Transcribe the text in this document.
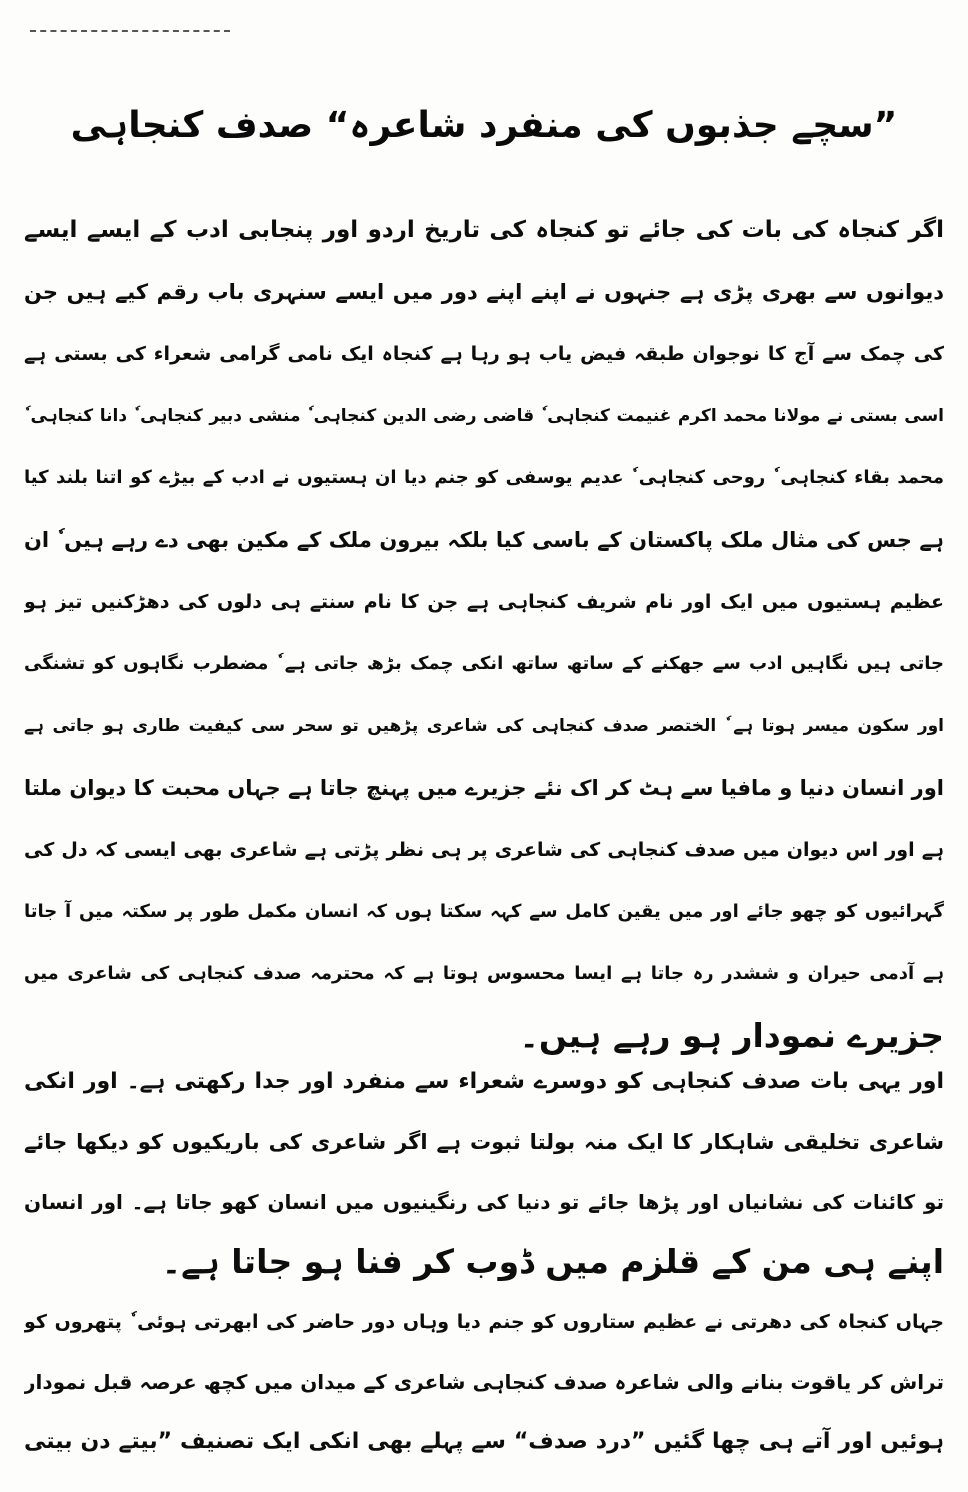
”سچے جذبوں کی منفرد شاعرہ“ صدف کنجاہی
اگر کنجاہ کی بات کی جائے تو کنجاہ کی تاریخ اردو اور پنجابی ادب کے ایسے ایسے
دیوانوں سے بھری پڑی ہے جنہوں نے اپنے اپنے دور میں ایسے سنہری باب رقم کیے ہیں جن
کی چمک سے آج کا نوجوان طبقہ فیض یاب ہو رہا ہے کنجاہ ایک نامی گرامی شعراء کی بستی ہے
اسی بستی نے مولانا محمد اکرم غنیمت کنجاہی ٗ قاضی رضی الدین کنجاہی ٗ منشی دبیر کنجاہی ٗ دانا کنجاہی ٗ
محمد بقاء کنجاہی ٗ روحی کنجاہی ٗ عدیم یوسفی کو جنم دیا ان ہستیوں نے ادب کے بیڑے کو اتنا بلند کیا
ہے جس کی مثال ملک پاکستان کے باسی کیا بلکہ بیرون ملک کے مکین بھی دے رہے ہیں ٗ ان
عظیم ہستیوں میں ایک اور نام شریف کنجاہی ہے جن کا نام سنتے ہی دلوں کی دھڑکنیں تیز ہو
جاتی ہیں نگاہیں ادب سے جھکنے کے ساتھ ساتھ انکی چمک بڑھ جاتی ہے ٗ مضطرب نگاہوں کو تشنگی
اور سکون میسر ہوتا ہے ٗ الختصر صدف کنجاہی کی شاعری پڑھیں تو سحر سی کیفیت طاری ہو جاتی ہے
اور انسان دنیا و مافیا سے ہٹ کر اک نئے جزیرے میں پہنچ جاتا ہے جہاں محبت کا دیوان ملتا
ہے اور اس دیوان میں صدف کنجاہی کی شاعری پر ہی نظر پڑتی ہے شاعری بھی ایسی کہ دل کی
گہرائیوں کو چھو جائے اور میں یقین کامل سے کہہ سکتا ہوں کہ انسان مکمل طور پر سکتہ میں آ جاتا
ہے آدمی حیران و ششدر رہ جاتا ہے ایسا محسوس ہوتا ہے کہ محترمہ صدف کنجاہی کی شاعری میں
جزیرے نمودار ہو رہے ہیں۔
اور یہی بات صدف کنجاہی کو دوسرے شعراء سے منفرد اور جدا رکھتی ہے۔ اور انکی
شاعری تخلیقی شاہکار کا ایک منہ بولتا ثبوت ہے اگر شاعری کی باریکیوں کو دیکھا جائے
تو کائنات کی نشانیاں اور پڑھا جائے تو دنیا کی رنگینیوں میں انسان کھو جاتا ہے۔ اور انسان
اپنے ہی من کے قلزم میں ڈوب کر فنا ہو جاتا ہے۔
جہاں کنجاہ کی دھرتی نے عظیم ستاروں کو جنم دیا وہاں دور حاضر کی ابھرتی ہوئی ٗ پتھروں کو
تراش کر یاقوت بنانے والی شاعرہ صدف کنجاہی شاعری کے میدان میں کچھ عرصہ قبل نمودار
ہوئیں اور آتے ہی چھا گئیں ”درد صدف“ سے پہلے بھی انکی ایک تصنیف ”بیتے دن بیتی
